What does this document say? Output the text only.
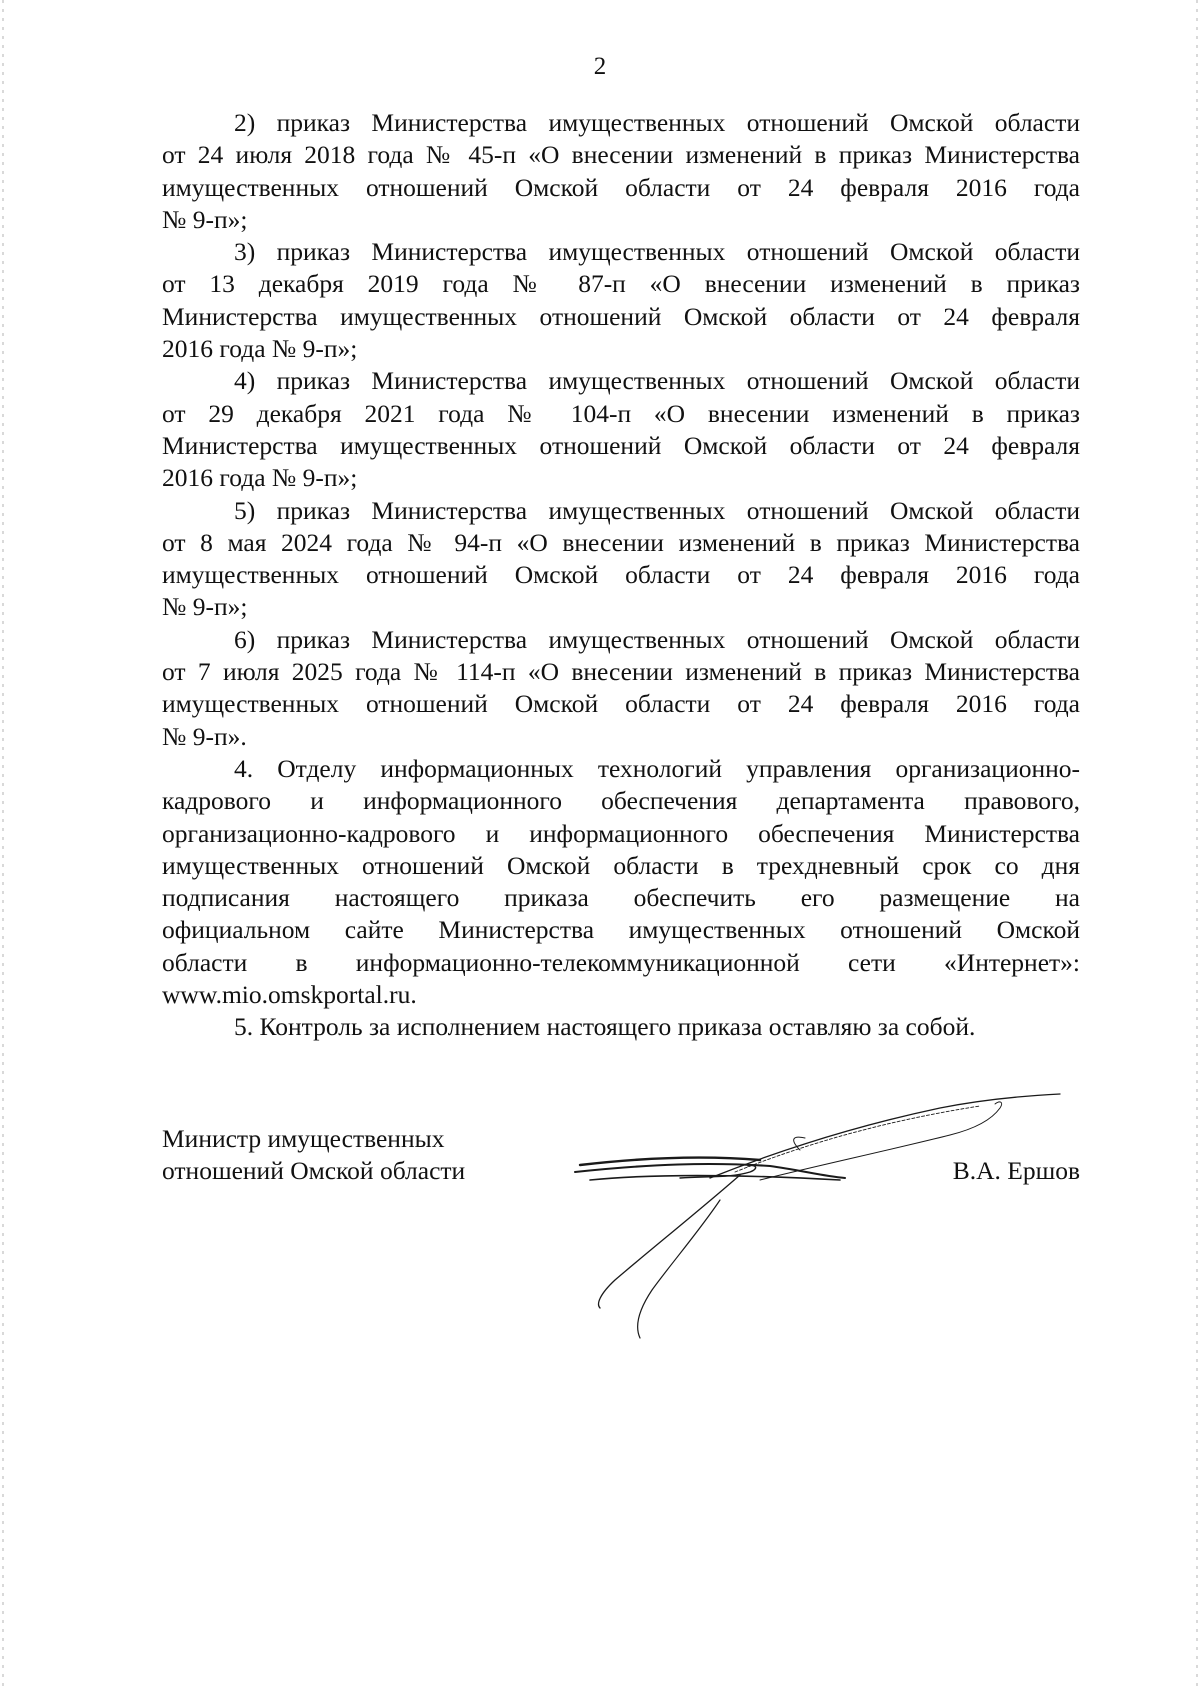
2
2) приказ Министерства имущественных отношений Омской области
от 24 июля 2018 года № 45-п «О внесении изменений в приказ Министерства
имущественных отношений Омской области от 24 февраля 2016 года
№ 9-п»;
3) приказ Министерства имущественных отношений Омской области
от 13 декабря 2019 года № 87-п «О внесении изменений в приказ
Министерства имущественных отношений Омской области от 24 февраля
2016 года № 9-п»;
4) приказ Министерства имущественных отношений Омской области
от 29 декабря 2021 года № 104-п «О внесении изменений в приказ
Министерства имущественных отношений Омской области от 24 февраля
2016 года № 9-п»;
5) приказ Министерства имущественных отношений Омской области
от 8 мая 2024 года № 94-п «О внесении изменений в приказ Министерства
имущественных отношений Омской области от 24 февраля 2016 года
№ 9-п»;
6) приказ Министерства имущественных отношений Омской области
от 7 июля 2025 года № 114-п «О внесении изменений в приказ Министерства
имущественных отношений Омской области от 24 февраля 2016 года
№ 9-п».
4. Отделу информационных технологий управления организационно-
кадрового и информационного обеспечения департамента правового,
организационно-кадрового и информационного обеспечения Министерства
имущественных отношений Омской области в трехдневный срок со дня
подписания настоящего приказа обеспечить его размещение на
официальном сайте Министерства имущественных отношений Омской
области в информационно-телекоммуникационной сети «Интернет»:
www.mio.omskportal.ru.
5. Контроль за исполнением настоящего приказа оставляю за собой.
Министр имущественных
отношений Омской области	В.А. Ершов
